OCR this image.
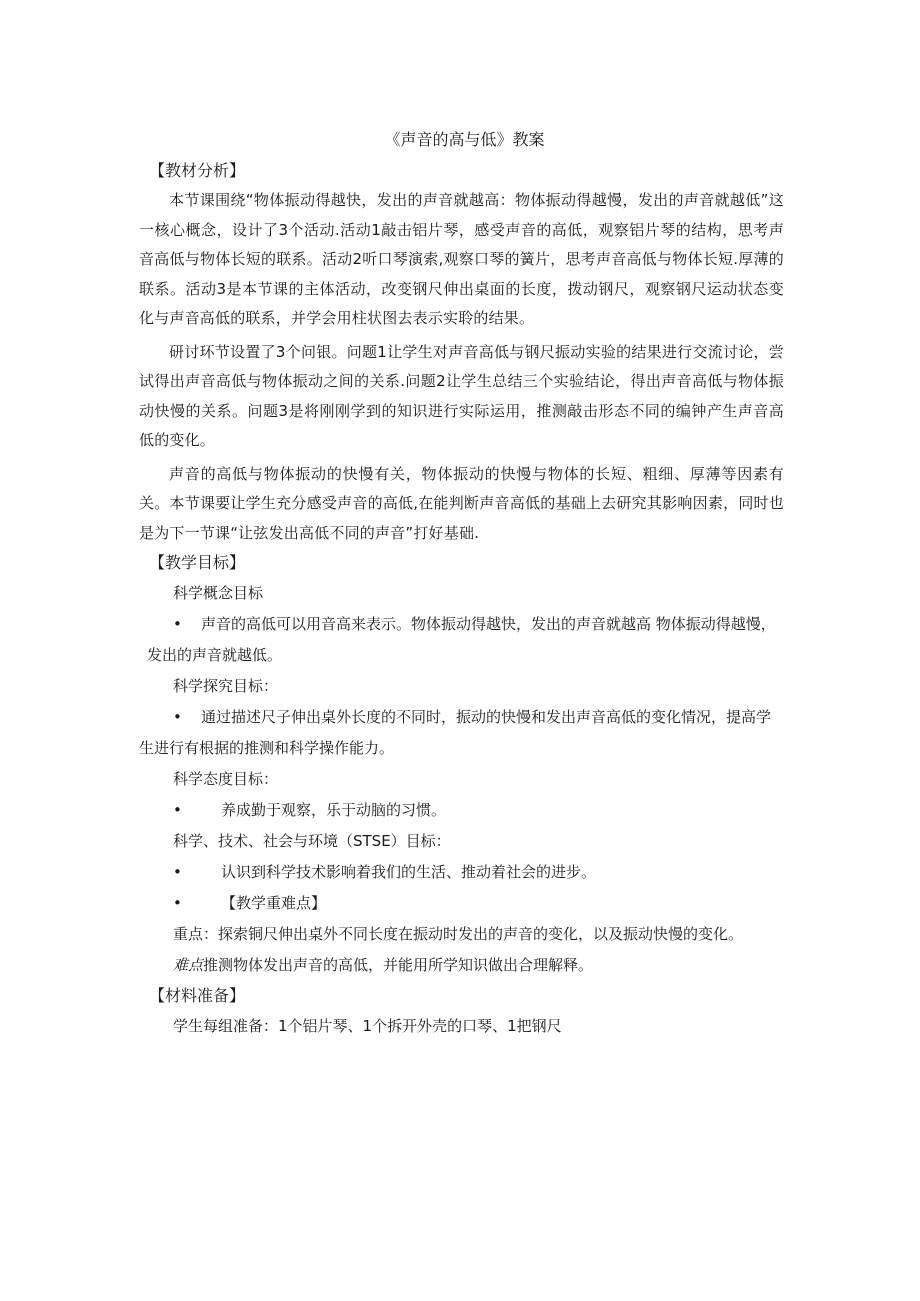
《声音的高与低》教案

【教材分析】

本节课围绕“物体振动得越快，发出的声音就越高：物体振动得越慢，发出的声音就越低”这一核心概念，设计了3个活动.活动1敲击铝片琴，感受声音的高低，观察铝片琴的结构，思考声音高低与物体长短的联系。活动2听口琴演索,观察口琴的簧片，思考声音高低与物体长短.厚薄的联系。活动3是本节课的主体活动，改变钢尺伸出桌面的长度，拨动钢尺，观察钢尺运动状态变化与声音高低的联系，并学会用柱状图去表示实聆的结果。

研讨环节设置了3个问银。问题1让学生对声音高低与钢尺振动实验的结果进行交流讨论，尝试得出声音高低与物体振动之间的关系.问题2让学生总结三个实验结论，得出声音高低与物体振动快慢的关系。问题3是将刚刚学到的知识进行实际运用，推测敲击形态不同的编钟产生声音高低的变化。

声音的高低与物体振动的快慢有关，物体振动的快慢与物体的长短、粗细、厚薄等因素有关。本节课要让学生充分感受声音的高低,在能判断声音高低的基础上去研究其影响因素，同时也是为下一节课“让弦发出高低不同的声音”打好基础.

【教学目标】

科学概念目标

•	声音的高低可以用音高来表示。物体振动得越快，发出的声音就越高 物体振动得越慢，

发出的声音就越低。

科学探究目标：

•	通过描述尺子伸出桌外长度的不同时，振动的快慢和发出声音高低的变化情况，提高学

生进行有根据的推测和科学操作能力。

科学态度目标：

•	养成勤于观察，乐于动脑的习惯。

科学、技术、社会与环境（STSE）目标：

•	认识到科学技术影响着我们的生活、推动着社会的进步。

•	【教学重难点】

重点：探索铜尺伸出桌外不同长度在振动时发出的声音的变化，以及振动快慢的变化。

难点推测物体发出声音的高低，并能用所学知识做出合理解释。

【材料准备】

学生每组准备：1个铝片琴、1个拆开外壳的口琴、1把钢尺
